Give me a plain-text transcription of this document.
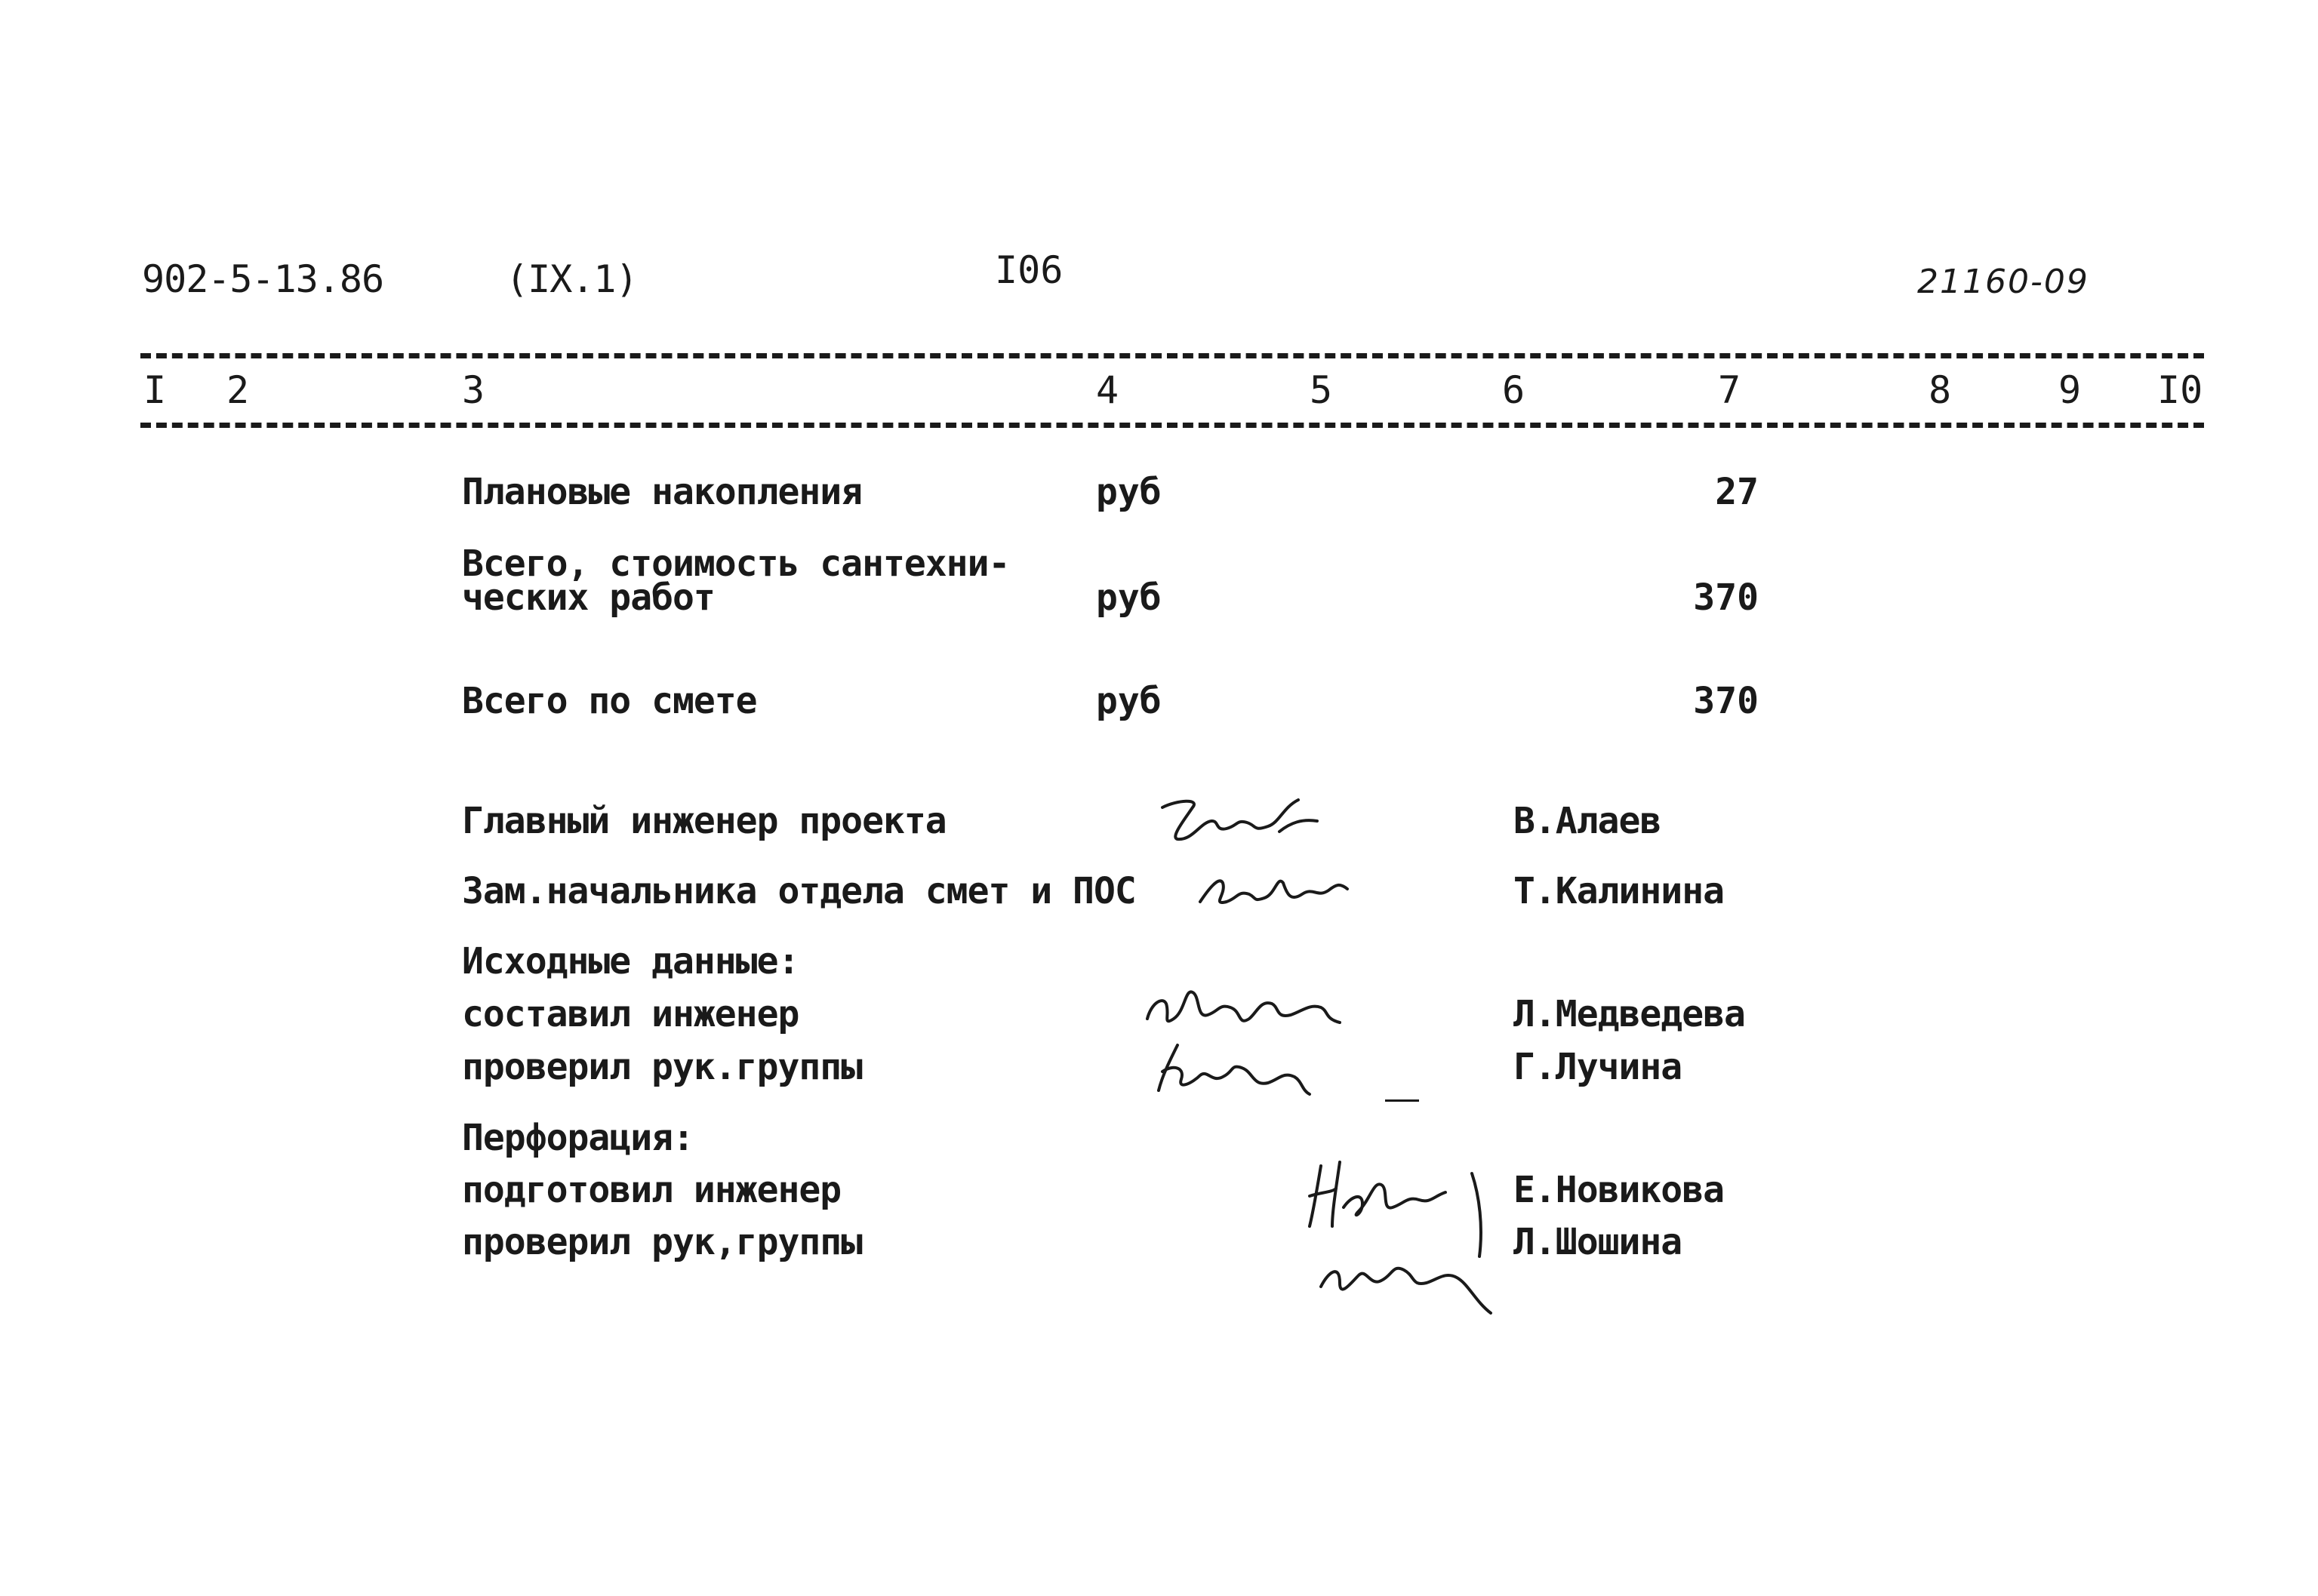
902-5-13.86	(IX.1)	I06	21160-09
I 2	3	4	5	6	7	8	9 I0
Плановые накопления	руб	27
Всего, стоимость сантехни-
ческих работ	руб	370
Всего по смете	руб	370
Главный инженер проекта	В.Алаев
Зам.начальника отдела смет и ПОС	Т.Калинина
Исходные данные:
составил инженер	Л.Медведева
проверил рук.группы	Г.Лучина
Перфорация:
подготовил инженер	Е.Новикова
проверил рук,группы	Л.Шошина
